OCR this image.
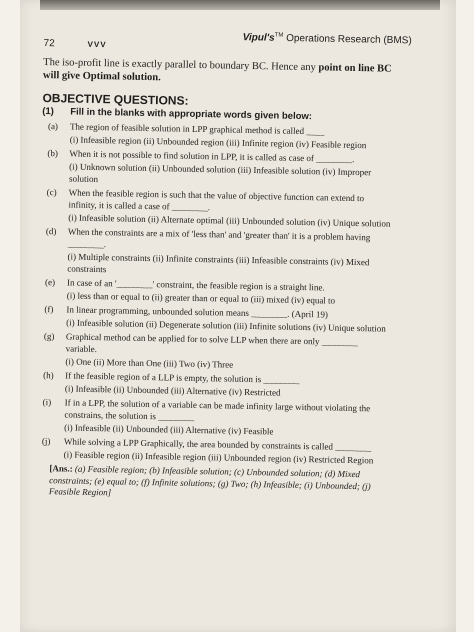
72	VVV
Vipul's™ Operations Research (BMS)

The iso-profit line is exactly parallel to boundary BC. Hence any point on line BC will give Optimal solution.

OBJECTIVE QUESTIONS:
(1)	Fill in the blanks with appropriate words given below:
(a)	The region of feasible solution in LPP graphical method is called ____

(i) Infeasible region (ii) Unbounded region (iii) Infinite region (iv) Feasible region

(b)	When it is not possible to find solution in LPP, it is called as case of ________.

(i) Unknown solution (ii) Unbounded solution (iii) Infeasible solution (iv) Improper solution

(c)	When the feasible region is such that the value of objective function can extend to infinity, it is called a case of ________.

(i) Infeasible solution (ii) Alternate optimal (iii) Unbounded solution (iv) Unique solution

(d)	When the constraints are a mix of 'less than' and 'greater than' it is a problem having ________.

(i) Multiple constraints (ii) Infinite constraints (iii) Infeasible constraints (iv) Mixed constraints

(e)	In case of an '________' constraint, the feasible region is a straight line.

(i) less than or equal to (ii) greater than or equal to (iii) mixed (iv) equal to

(f)	In linear programming, unbounded solution means ________. (April 19)

(i) Infeasible solution (ii) Degenerate solution (iii) Infinite solutions (iv) Unique solution

(g)	Graphical method can be applied for to solve LLP when there are only ________ variable.

(i) One (ii) More than One (iii) Two (iv) Three

(h)	If the feasible region of a LLP is empty, the solution is ________

(i) Infeasible (ii) Unbounded (iii) Alternative (iv) Restricted

(i)	If in a LPP, the solution of a variable can be made infinity large without violating the constrains, the solution is ________

(i) Infeasible (ii) Unbounded (iii) Alternative (iv) Feasible

(j)	While solving a LPP Graphically, the area bounded by constraints is called ________

(i) Feasible region (ii) Infeasible region (iii) Unbounded region (iv) Restricted Region

[Ans.: (a) Feasible region; (b) Infeasible solution; (c) Unbounded solution; (d) Mixed constraints; (e) equal to; (f) Infinite solutions; (g) Two; (h) Infeasible; (i) Unbounded; (j) Feasible Region]
